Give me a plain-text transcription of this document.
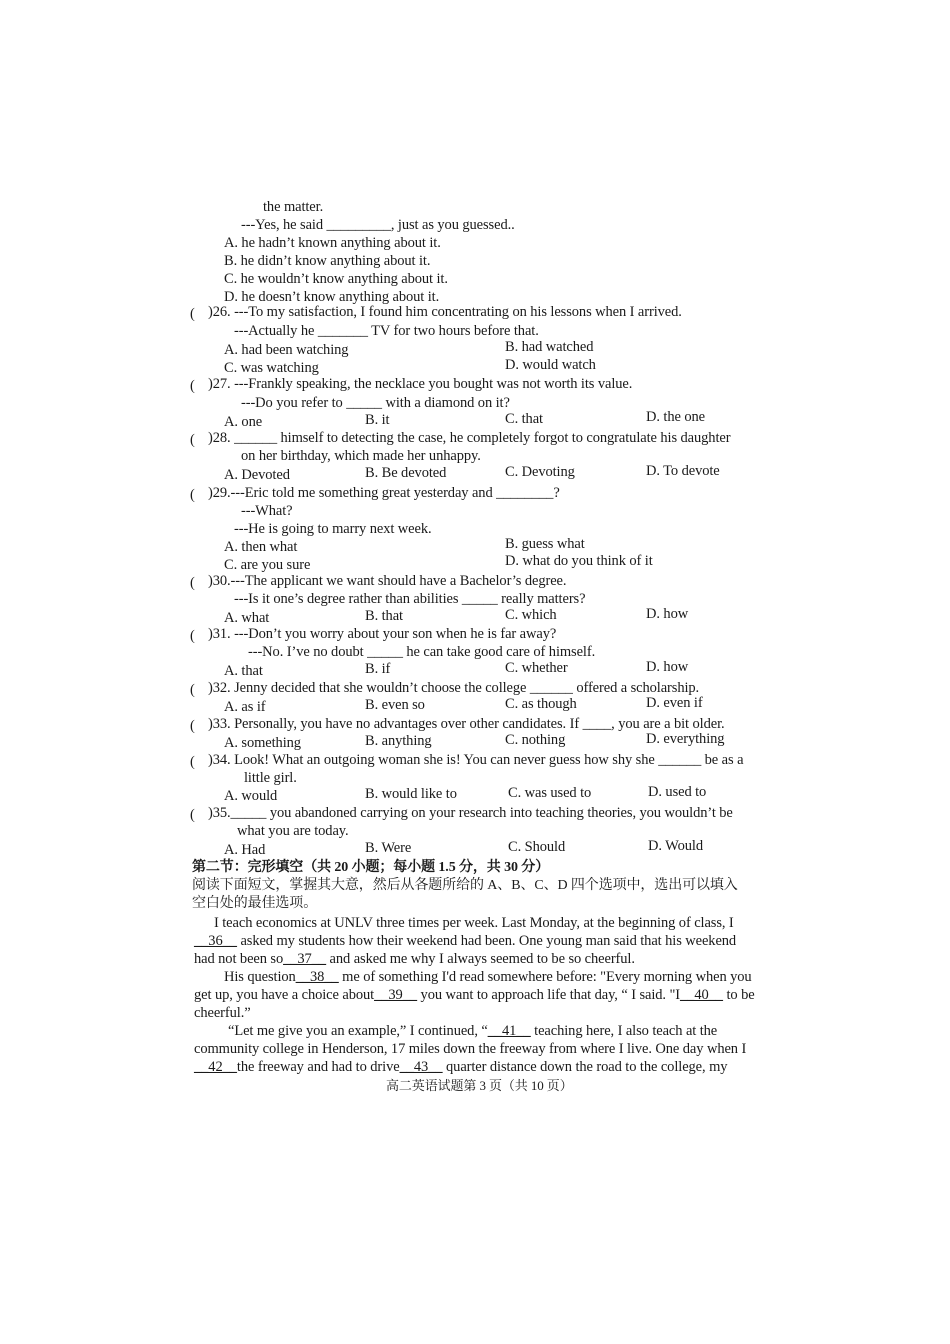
the matter.
---Yes, he said _________, just as you guessed..
A. he hadn’t known anything about it.
B. he didn’t know anything about it.
C. he wouldn’t know anything about it.
D. he doesn’t know anything about it.
( )26. ---To my satisfaction, I found him concentrating on his lessons when I arrived.
---Actually he _______ TV for two hours before that.
A. had been watching	B. had watched
C. was watching	D. would watch
( )27. ---Frankly speaking, the necklace you bought was not worth its value.
---Do you refer to _____ with a diamond on it?
A. one	B. it	C. that	D. the one
( )28. ______ himself to detecting the case, he completely forgot to congratulate his daughter
on her birthday, which made her unhappy.
A. Devoted	B. Be devoted	C. Devoting	D. To devote
( )29.---Eric told me something great yesterday and ________?
---What?
---He is going to marry next week.
A. then what	B. guess what
C. are you sure	D. what do you think of it
( )30.---The applicant we want should have a Bachelor’s degree.
---Is it one’s degree rather than abilities _____ really matters?
A. what	B. that	C. which	D. how
( )31. ---Don’t you worry about your son when he is far away?
---No. I’ve no doubt _____ he can take good care of himself.
A. that	B. if	C. whether	D. how
( )32. Jenny decided that she wouldn’t choose the college ______ offered a scholarship.
A. as if	B. even so	C. as though	D. even if
( )33. Personally, you have no advantages over other candidates. If ____, you are a bit older.
A. something	B. anything	C. nothing	D. everything
( )34. Look! What an outgoing woman she is! You can never guess how shy she ______ be as a
little girl.
A. would	B. would like to	C. was used to	D. used to
( )35._____ you abandoned carrying on your research into teaching theories, you wouldn’t be
what you are today.
A. Had	B. Were	C. Should	D. Would
第二节：完形填空（共 20 小题；每小题 1.5 分，共 30 分）
阅读下面短文，掌握其大意，然后从各题所给的 A、B、C、D 四个选项中，选出可以填入
空白处的最佳选项。
I teach economics at UNLV three times per week. Last Monday, at the beginning of class, I
__36__ asked my students how their weekend had been. One young man said that his weekend
had not been so__37__ and asked me why I always seemed to be so cheerful.
His question__38__ me of something I'd read somewhere before: "Every morning when you
get up, you have a choice about__39__ you want to approach life that day, “ I said. "I__40__ to be
cheerful.”
“Let me give you an example,” I continued, “__41__ teaching here, I also teach at the
community college in Henderson, 17 miles down the freeway from where I live. One day when I
__42__the freeway and had to drive__43__ quarter distance down the road to the college, my
高二英语试题第 3 页（共 10 页）
